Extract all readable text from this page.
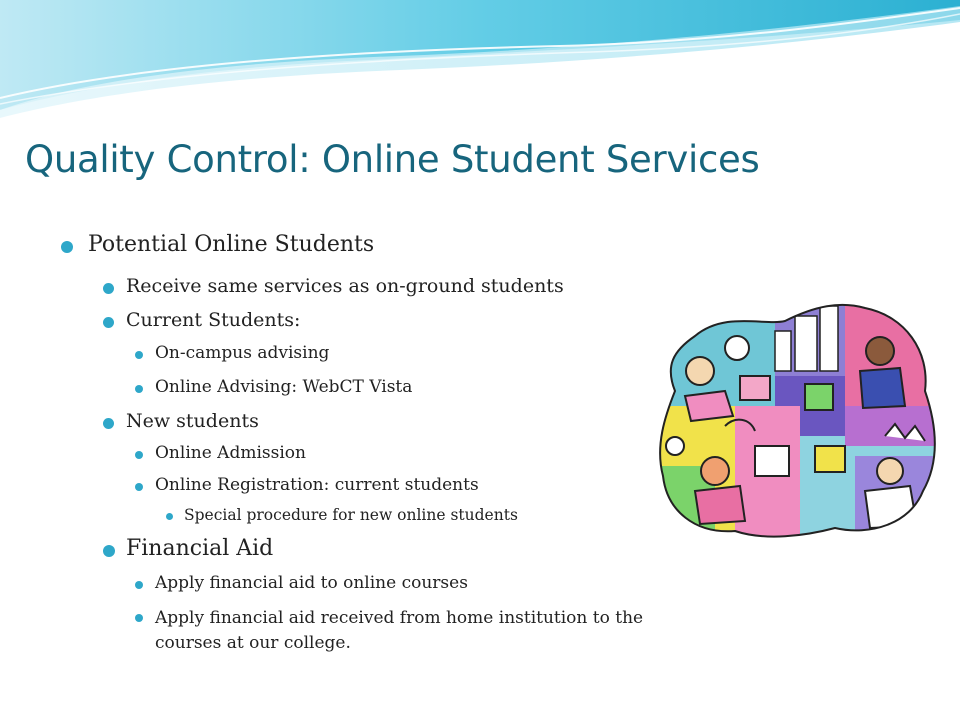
Quality Control: Online Student Services
Potential Online Students
Receive same services as on-ground students
Current Students:
On-campus advising
Online Advising: WebCT Vista
New students
Online Admission
Online Registration: current students
Special procedure for new online students
Financial Aid
Apply financial aid to online courses
Apply financial aid received from home institution to the courses at our college.
